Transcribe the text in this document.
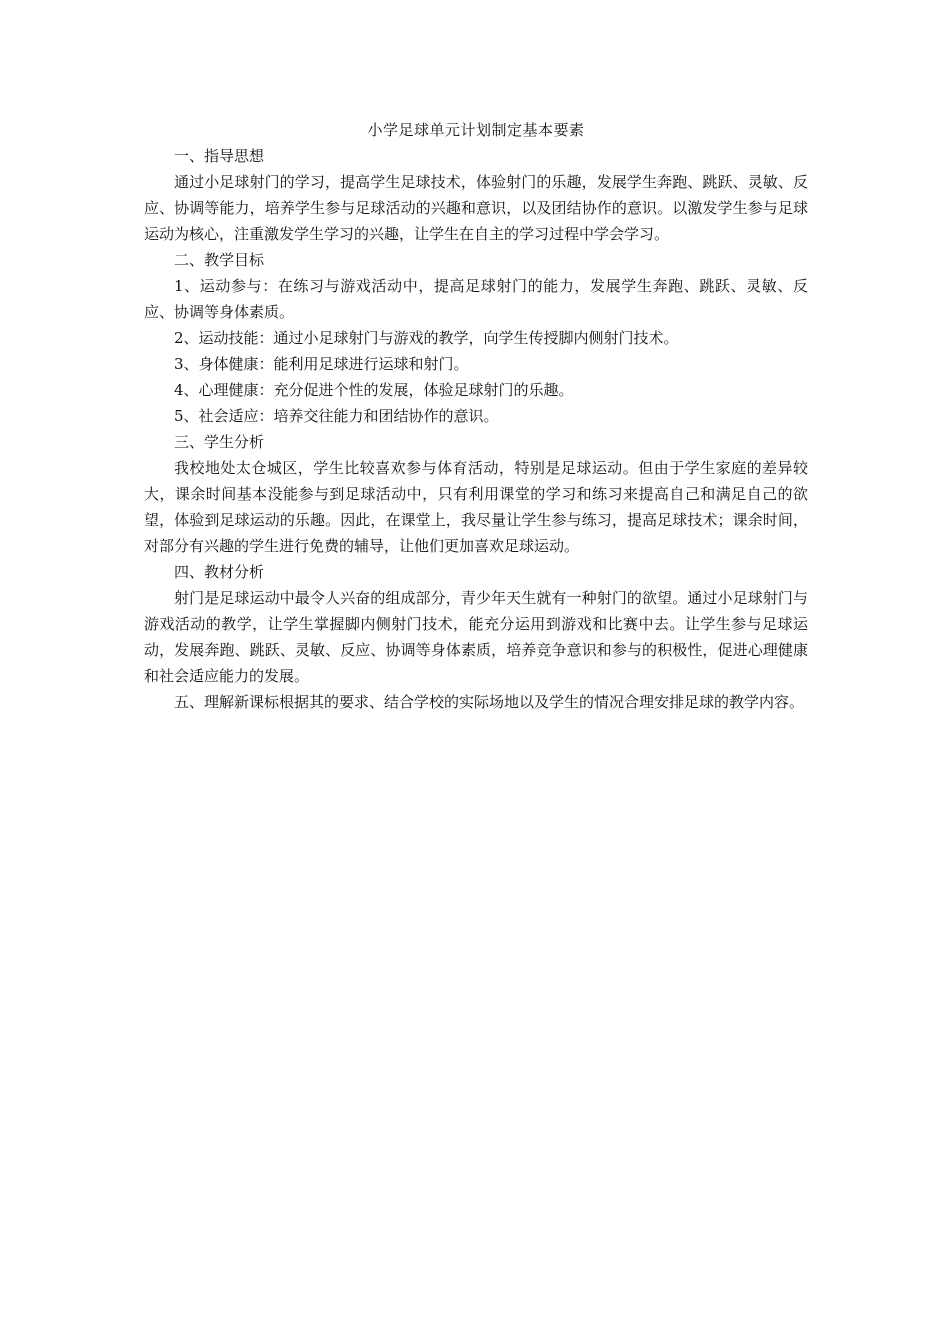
小学足球单元计划制定基本要素

一、指导思想

通过小足球射门的学习，提高学生足球技术，体验射门的乐趣，发展学生奔跑、跳跃、灵敏、反应、协调等能力，培养学生参与足球活动的兴趣和意识，以及团结协作的意识。以激发学生参与足球运动为核心，注重激发学生学习的兴趣，让学生在自主的学习过程中学会学习。

二、教学目标

1、运动参与：在练习与游戏活动中，提高足球射门的能力，发展学生奔跑、跳跃、灵敏、反应、协调等身体素质。

2、运动技能：通过小足球射门与游戏的教学，向学生传授脚内侧射门技术。

3、身体健康：能利用足球进行运球和射门。

4、心理健康：充分促进个性的发展，体验足球射门的乐趣。

5、社会适应：培养交往能力和团结协作的意识。

三、学生分析

我校地处太仓城区，学生比较喜欢参与体育活动，特别是足球运动。但由于学生家庭的差异较大，课余时间基本没能参与到足球活动中，只有利用课堂的学习和练习来提高自己和满足自己的欲望，体验到足球运动的乐趣。因此，在课堂上，我尽量让学生参与练习，提高足球技术；课余时间，对部分有兴趣的学生进行免费的辅导，让他们更加喜欢足球运动。

四、教材分析

射门是足球运动中最令人兴奋的组成部分，青少年天生就有一种射门的欲望。通过小足球射门与游戏活动的教学，让学生掌握脚内侧射门技术，能充分运用到游戏和比赛中去。让学生参与足球运动，发展奔跑、跳跃、灵敏、反应、协调等身体素质，培养竞争意识和参与的积极性，促进心理健康和社会适应能力的发展。

五、理解新课标根据其的要求、结合学校的实际场地以及学生的情况合理安排足球的教学内容。
